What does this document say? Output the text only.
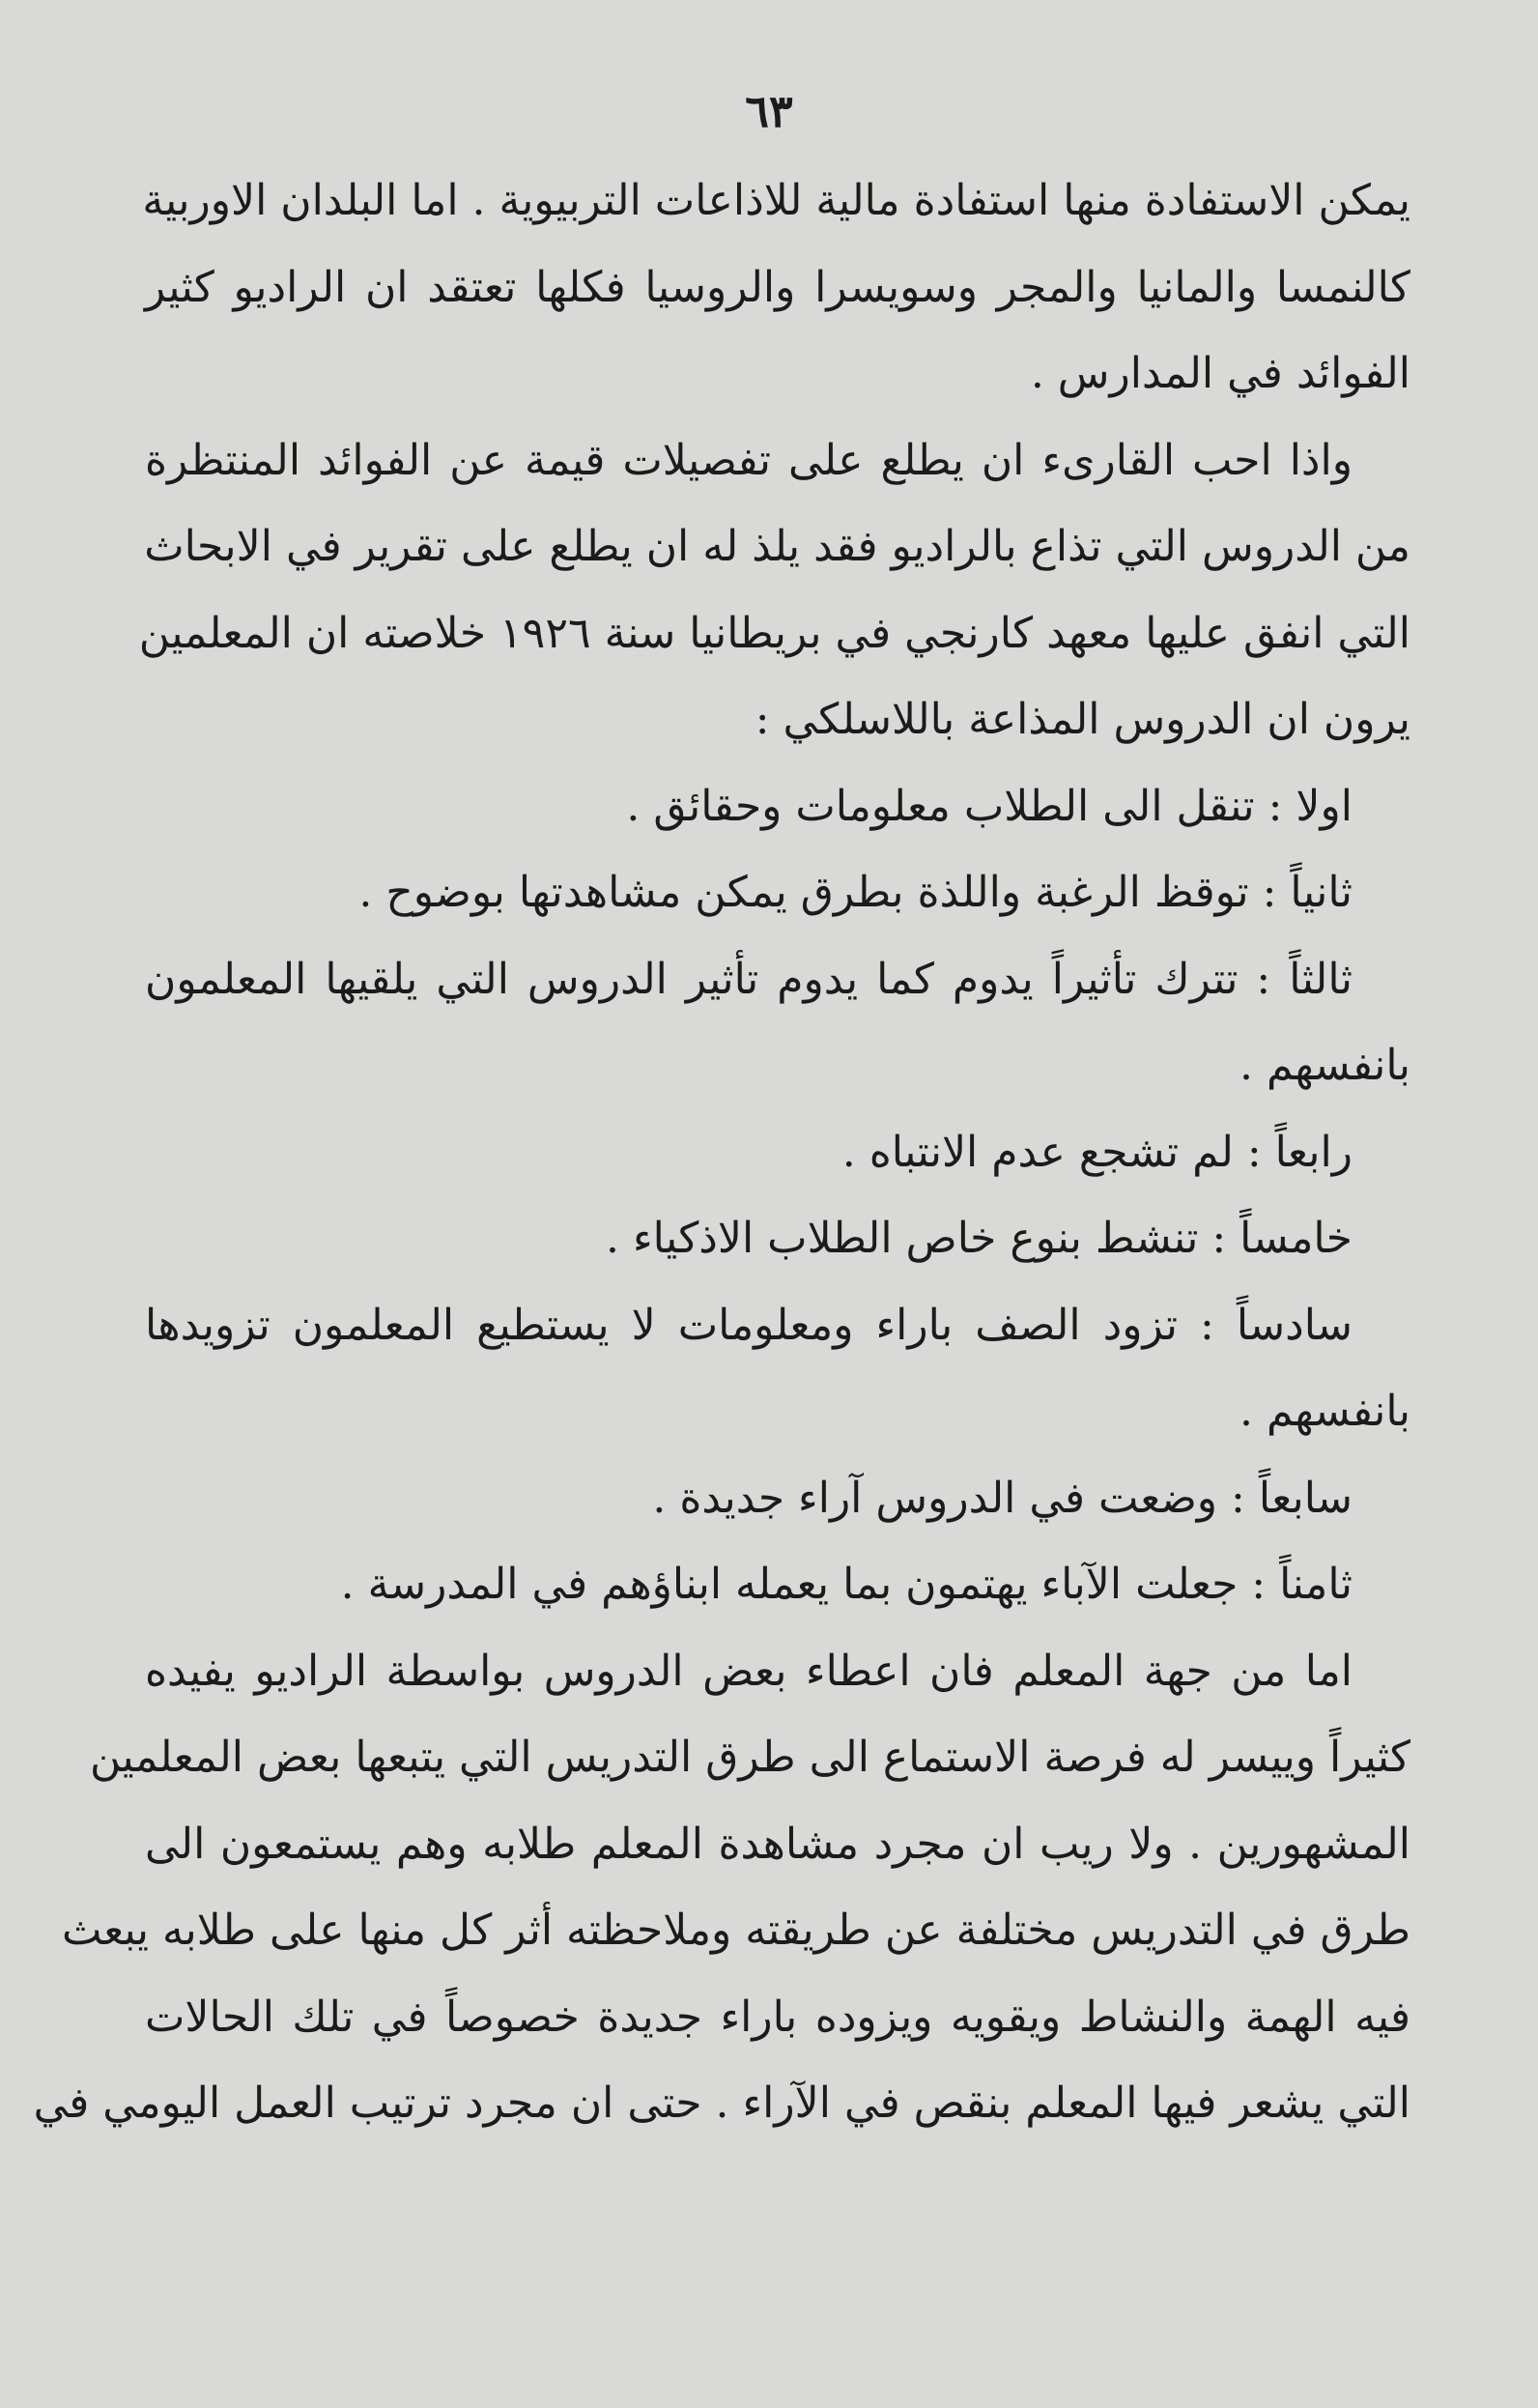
٦٣
يمكن الاستفادة منها استفادة مالية للاذاعات التربيوية . اما البلدان الاوربية
كالنمسا والمانيا والمجر وسويسرا والروسيا فكلها تعتقد ان الراديو كثير
الفوائد في المدارس .
واذا احب القارىء ان يطلع على تفصيلات قيمة عن الفوائد المنتظرة
من الدروس التي تذاع بالراديو فقد يلذ له ان يطلع على تقرير في الابحاث
التي انفق عليها معهد كارنجي في بريطانيا سنة ١٩٢٦ خلاصته ان المعلمين
يرون ان الدروس المذاعة باللاسلكي :
اولا : تنقل الى الطلاب معلومات وحقائق .
ثانياً : توقظ الرغبة واللذة بطرق يمكن مشاهدتها بوضوح .
ثالثاً : تترك تأثيراً يدوم كما يدوم تأثير الدروس التي يلقيها المعلمون
بانفسهم .
رابعاً : لم تشجع عدم الانتباه .
خامساً : تنشط بنوع خاص الطلاب الاذكياء .
سادساً : تزود الصف باراء ومعلومات لا يستطيع المعلمون تزويدها
بانفسهم .
سابعاً : وضعت في الدروس آراء جديدة .
ثامناً : جعلت الآباء يهتمون بما يعمله ابناؤهم في المدرسة .
اما من جهة المعلم فان اعطاء بعض الدروس بواسطة الراديو يفيده
كثيراً وييسر له فرصة الاستماع الى طرق التدريس التي يتبعها بعض المعلمين
المشهورين . ولا ريب ان مجرد مشاهدة المعلم طلابه وهم يستمعون الى
طرق في التدريس مختلفة عن طريقته وملاحظته أثر كل منها على طلابه يبعث
فيه الهمة والنشاط ويقويه ويزوده باراء جديدة خصوصاً في تلك الحالات
التي يشعر فيها المعلم بنقص في الآراء . حتى ان مجرد ترتيب العمل اليومي في
